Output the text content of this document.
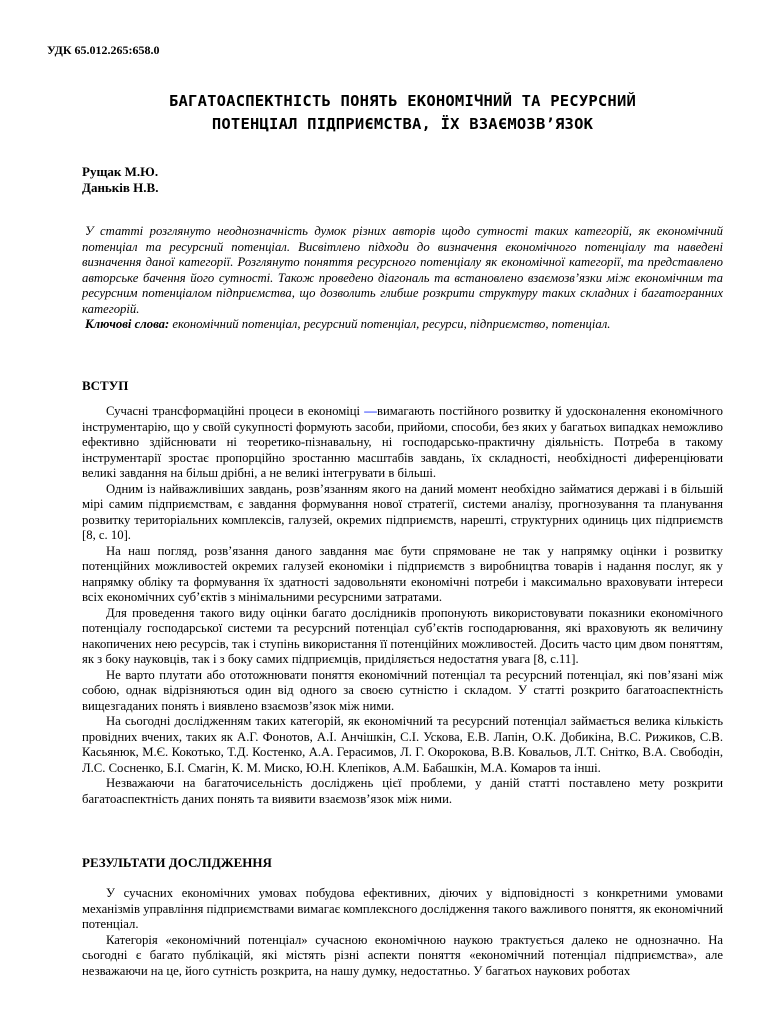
УДК 65.012.265:658.0
БАГАТОАСПЕКТНІСТЬ ПОНЯТЬ ЕКОНОМІЧНИЙ ТА РЕСУРСНИЙ
ПОТЕНЦІАЛ ПІДПРИЄМСТВА, ЇХ ВЗАЄМОЗВ’ЯЗОК
Рущак М.Ю.
Даньків Н.В.

У статті розглянуто неоднозначність думок різних авторів щодо сутності таких категорій, як економічний потенціал та ресурсний потенціал. Висвітлено підходи до визначення економічного потенціалу та наведені визначення даної категорії. Розглянуто поняття ресурсного потенціалу як економічної категорії, та представлено авторське бачення його сутності. Також проведено діагональ та встановлено взаємозв’язки між економічним та ресурсним потенціалом підприємства, що дозволить глибше розкрити структуру таких складних і багатогранних категорій.

Ключові слова: економічний потенціал, ресурсний потенціал, ресурси, підприємство, потенціал.

ВСТУП

Сучасні трансформаційні процеси в економіці —вимагають постійного розвитку й удосконалення економічного інструментарію, що у своїй сукупності формують засоби, прийоми, способи, без яких у багатьох випадках неможливо ефективно здійснювати ні теоретико-пізнавальну, ні господарсько-практичну діяльність. Потреба в такому інструментарії зростає пропорційно зростанню масштабів завдань, їх складності, необхідності диференціювати великі завдання на більш дрібні, а не великі інтегрувати в більші.

Одним із найважливіших завдань, розв’язанням якого на даний момент необхідно займатися державі і в більшій мірі самим підприємствам, є завдання формування нової стратегії, системи аналізу, прогнозування та планування розвитку територіальних комплексів, галузей, окремих підприємств, нарешті, структурних одиниць цих підприємств [8, с. 10].

На наш погляд, розв’язання даного завдання має бути спрямоване не так у напрямку оцінки і розвитку потенційних можливостей окремих галузей економіки і підприємств з виробництва товарів і надання послуг, як у напрямку обліку та формування їх здатності задовольняти економічні потреби і максимально враховувати інтереси всіх економічних суб’єктів з мінімальними ресурсними затратами.

Для проведення такого виду оцінки багато дослідників пропонують використовувати показники економічного потенціалу господарської системи та ресурсний потенціал суб’єктів господарювання, які враховують як величину накопичених нею ресурсів, так і ступінь використання її потенційних можливостей. Досить часто цим двом поняттям, як з боку науковців, так і з боку самих підприємців, приділяється недостатня увага [8, с.11].

Не варто плутати або ототожнювати поняття економічний потенціал та ресурсний потенціал, які пов’язані між собою, однак відрізняються один від одного за своєю сутністю і складом. У статті розкрито багатоаспектність вищезгаданих понять і виявлено взаємозв’язок між ними.

На сьогодні дослідженням таких категорій, як економічний та ресурсний потенціал займається велика кількість провідних вчених, таких як А.Г. Фонотов, А.І. Анчішкін, С.І. Ускова, Е.В. Лапін, О.К. Добикіна, В.С. Рижиков, С.В. Касьянюк, М.Є. Кокотько, Т.Д. Костенко, А.А. Герасимов, Л. Г. Окорокова, В.В. Ковальов, Л.Т. Снітко, В.А. Свободін, Л.С. Сосненко, Б.І. Смагін, К. М. Миско, Ю.Н. Клепіков, А.М. Бабашкін, М.А. Комаров та інші.

Незважаючи на багаточисельність досліджень цієї проблеми, у даній статті поставлено мету розкрити багатоаспектність даних понять та виявити взаємозв’язок між ними.

РЕЗУЛЬТАТИ ДОСЛІДЖЕННЯ

У сучасних економічних умовах побудова ефективних, діючих у відповідності з конкретними умовами механізмів управління підприємствами вимагає комплексного дослідження такого важливого поняття, як економічний потенціал.

Категорія «економічний потенціал» сучасною економічною наукою трактується далеко не однозначно. На сьогодні є багато публікацій, які містять різні аспекти поняття «економічний потенціал підприємства», але незважаючи на це, його сутність розкрита, на нашу думку, недостатньо. У багатьох наукових роботах
